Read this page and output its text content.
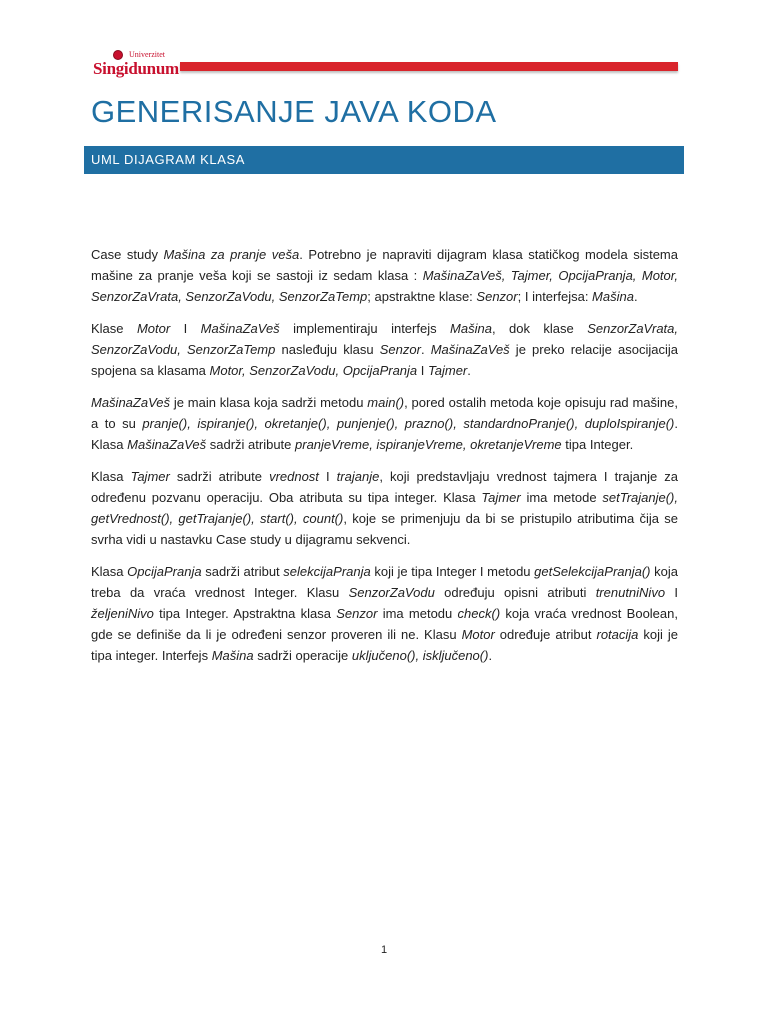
Univerzitet
Singidunum
GENERISANJE JAVA KODA
UML DIJAGRAM KLASA

Case study Mašina za pranje veša. Potrebno je napraviti dijagram klasa statičkog modela sistema mašine za pranje veša koji se sastoji iz sedam klasa : MašinaZaVeš, Tajmer, OpcijaPranja, Motor, SenzorZaVrata, SenzorZaVodu, SenzorZaTemp; apstraktne klase: Senzor; I interfejsa: Mašina.

Klase Motor I MašinaZaVeš implementiraju interfejs Mašina, dok klase SenzorZaVrata, SenzorZaVodu, SenzorZaTemp nasleđuju klasu Senzor. MašinaZaVeš je preko relacije asocijacija spojena sa klasama Motor, SenzorZaVodu, OpcijaPranja I Tajmer.

MašinaZaVeš je main klasa koja sadrži metodu main(), pored ostalih metoda koje opisuju rad mašine, a to su pranje(), ispiranje(), okretanje(), punjenje(), prazno(), standardnoPranje(), duploIspiranje(). Klasa MašinaZaVeš sadrži atribute pranjeVreme, ispiranjeVreme, okretanjeVreme tipa Integer.

Klasa Tajmer sadrži atribute vrednost I trajanje, koji predstavljaju vrednost tajmera I trajanje za određenu pozvanu operaciju. Oba atributa su tipa integer. Klasa Tajmer ima metode setTrajanje(), getVrednost(), getTrajanje(), start(), count(), koje se primenjuju da bi se pristupilo atributima čija se svrha vidi u nastavku Case study u dijagramu sekvenci.

Klasa OpcijaPranja sadrži atribut selekcijaPranja koji je tipa Integer I metodu getSelekcijaPranja() koja treba da vraća vrednost Integer. Klasu SenzorZaVodu određuju opisni atributi trenutniNivo I željeniNivo tipa Integer. Apstraktna klasa Senzor ima metodu check() koja vraća vrednost Boolean, gde se definiše da li je određeni senzor proveren ili ne. Klasu Motor određuje atribut rotacija koji je tipa integer. Interfejs Mašina sadrži operacije uključeno(), isključeno().

1
